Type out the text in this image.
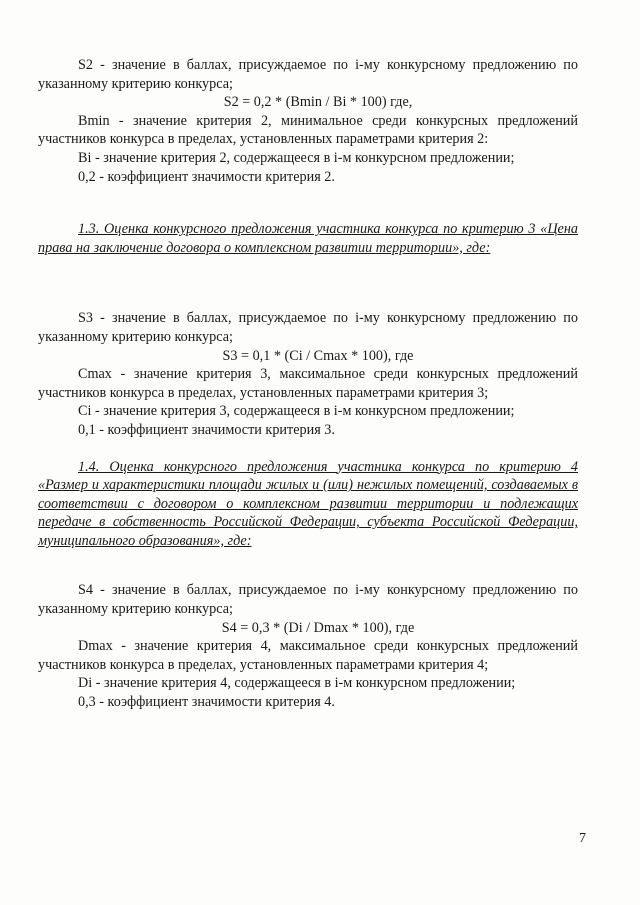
S2 - значение в баллах, присуждаемое по i-му конкурсному предложению по указанному критерию конкурса;

S2 = 0,2 * (Bmin / Bi * 100) где,

Bmin - значение критерия 2, минимальное среди конкурсных предложений участников конкурса в пределах, установленных параметрами критерия 2:

Bi - значение критерия 2, содержащееся в i-м конкурсном предложении;

0,2 - коэффициент значимости критерия 2.

1.3. Оценка конкурсного предложения участника конкурса по критерию 3 «Цена права на заключение договора о комплексном развитии территории», где:

S3 - значение в баллах, присуждаемое по i-му конкурсному предложению по указанному критерию конкурса;

S3 = 0,1 * (Ci / Cmax * 100), где

Cmax - значение критерия 3, максимальное среди конкурсных предложений участников конкурса в пределах, установленных параметрами критерия 3;

Ci - значение критерия 3, содержащееся в i-м конкурсном предложении;

0,1 - коэффициент значимости критерия 3.

1.4. Оценка конкурсного предложения участника конкурса по критерию 4 «Размер и характеристики площади жилых и (или) нежилых помещений, создаваемых в соответствии с договором о комплексном развитии территории и подлежащих передаче в собственность Российской Федерации, субъекта Российской Федерации, муниципального образования», где:

S4 - значение в баллах, присуждаемое по i-му конкурсному предложению по указанному критерию конкурса;

S4 = 0,3 * (Di / Dmax * 100), где

Dmax - значение критерия 4, максимальное среди конкурсных предложений участников конкурса в пределах, установленных параметрами критерия 4;

Di - значение критерия 4, содержащееся в i-м конкурсном предложении;

0,3 - коэффициент значимости критерия 4.

7
